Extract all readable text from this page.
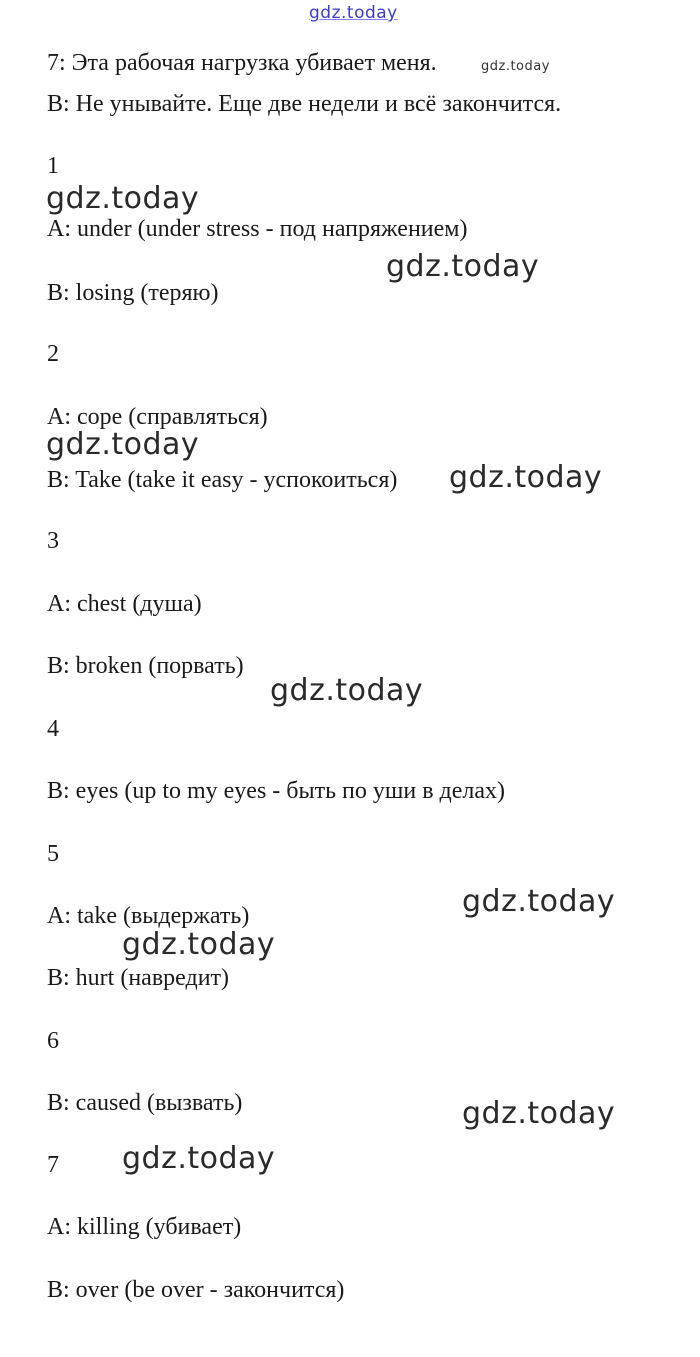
gdz.today
7: Эта рабочая нагрузка убивает меня.	gdz.today
B: Не унывайте. Еще две недели и всё закончится.
1
gdz.today
A: under (under stress - под напряжением)
gdz.today
B: losing (теряю)
2
A: cope (справляться)
gdz.today
B: Take (take it easy - успокоиться) gdz.today
3
A: chest (душа)
B: broken (порвать)
gdz.today
4
B: eyes (up to my eyes - быть по уши в делах)
5
gdz.today
A: take (выдержать)
gdz.today
B: hurt (навредит)
6
B: caused (вызвать)	gdz.today
7 gdz.today
A: killing (убивает)
B: over (be over - закончится)
